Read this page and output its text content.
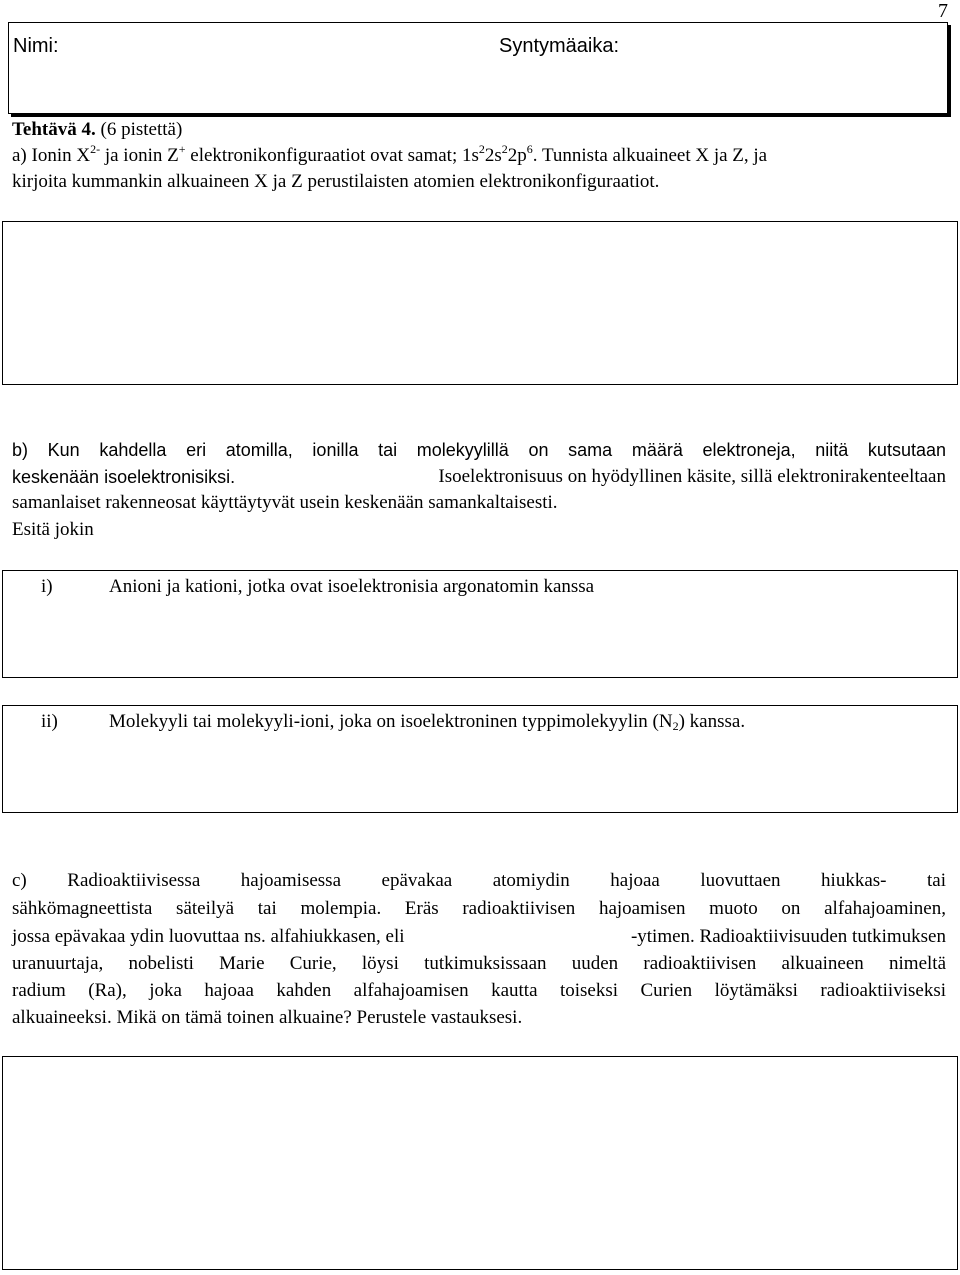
7
Nimi:	Syntymäaika:
Tehtävä 4. (6 pistettä)
a) Ionin $X^{2-}$ ja ionin Z+ elektronikonfiguraatiot ovat samat; $1s^22s^22p^6$. Tunnista alkuaineet X ja Z, ja
kirjoita kummankin alkuaineen X ja Z perustilaisten atomien elektronikonfiguraatiot.
b) Kun kahdella eri atomilla, ionilla tai molekyylillä on sama määrä elektroneja, niitä kutsutaan
keskenään isoelektronisiksi.	Isoelektronisuus on hyödyllinen käsite, sillä elektronirakenteeltaan
samanlaiset rakenneosat käyttäytyvät usein keskenään samankaltaisesti.
Esitä jokin
i)	Anioni ja kationi, jotka ovat isoelektronisia argonatomin kanssa
ii)	Molekyyli tai molekyyli-ioni, joka on isoelektroninen typpimolekyylin $(N_2)$ kanssa.
c) Radioaktiivisessa hajoamisessa epävakaa atomiydin hajoaa luovuttaen hiukkas- tai
sähkömagneettista säteilyä tai molempia. Eräs radioaktiivisen hajoamisen muoto on alfahajoaminen,
jossa epävakaa ydin luovuttaa ns. alfahiukkasen, eli	-ytimen. Radioaktiivisuuden tutkimuksen
uranuurtaja, nobelisti Marie Curie, löysi tutkimuksissaan uuden radioaktiivisen alkuaineen nimeltä
radium (Ra), joka hajoaa kahden alfahajoamisen kautta toiseksi Curien löytämäksi radioaktiiviseksi
alkuaineeksi. Mikä on tämä toinen alkuaine? Perustele vastauksesi.
